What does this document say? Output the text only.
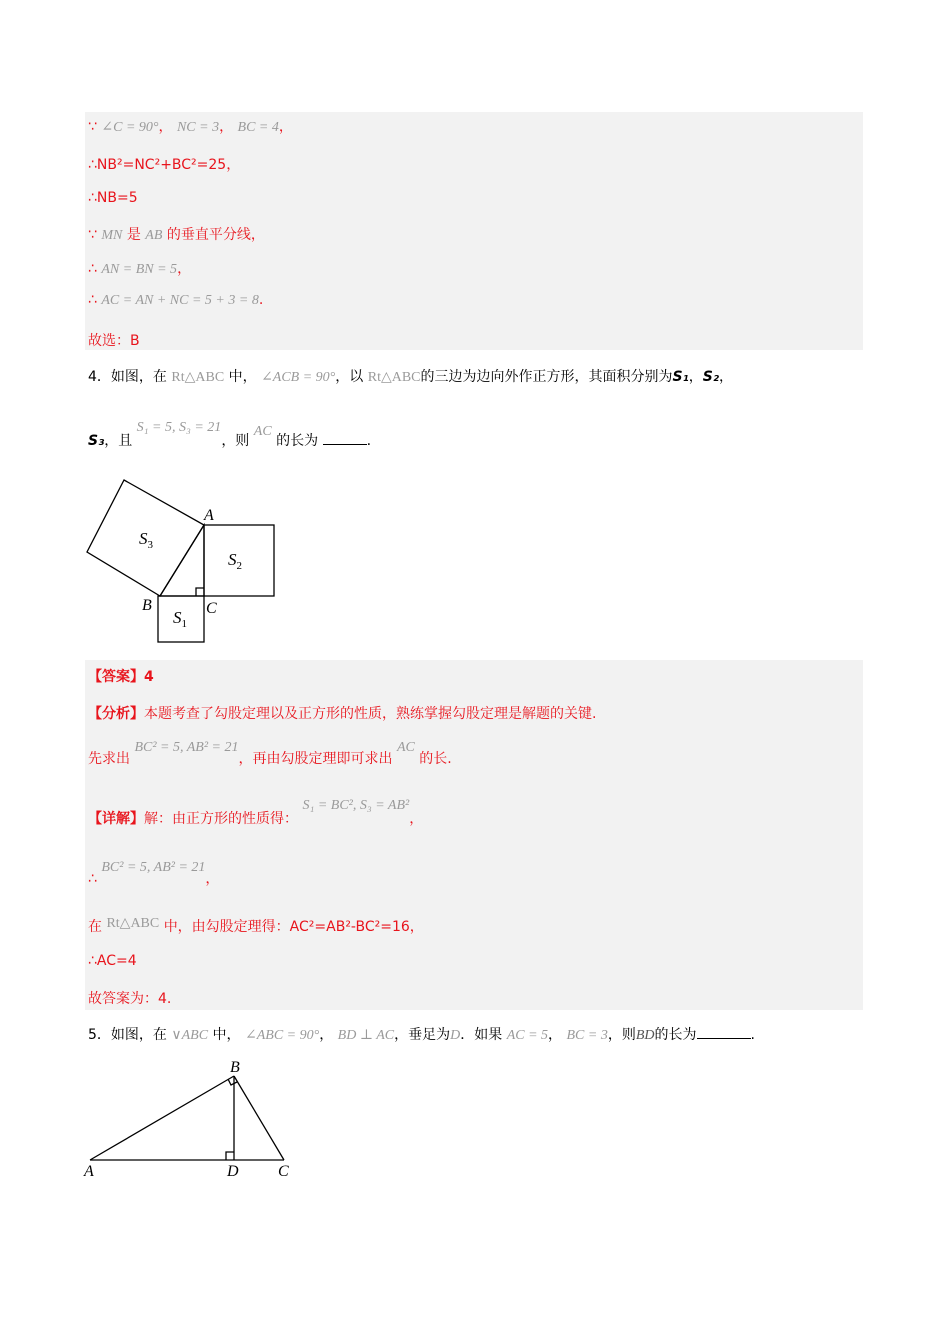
∵ ∠C = 90°， NC = 3， BC = 4，
∴NB²=NC²+BC²=25，
∴NB=5
∵ MN 是 AB 的垂直平分线，
∴ AN = BN = 5，
∴ AC = AN + NC = 5 + 3 = 8.
故选：B
4．如图，在 Rt△ABC 中， ∠ACB = 90°，以 Rt△ABC的三边为边向外作正方形，其面积分别为S₁，S₂，
S₃，且 S₁ = 5, S₃ = 21，则 AC 的长为	.
A
B	C
$S_3$
$S_2$
$S_1$
【答案】4
【分析】本题考查了勾股定理以及正方形的性质，熟练掌握勾股定理是解题的关键.
先求出 BC² = 5, AB² = 21，再由勾股定理即可求出 AC 的长.
【详解】解：由正方形的性质得： S₁ = BC², S₃ = AB²，
∴ BC² = 5, AB² = 21，
在 Rt△ABC 中，由勾股定理得：AC²=AB²-BC²=16，
∴AC=4
故答案为：4.
5．如图，在 ∨ABC 中， ∠ABC = 90°， BD ⊥ AC，垂足为D．如果 AC = 5， BC = 3，则BD的长为	.
A
B
C
D
